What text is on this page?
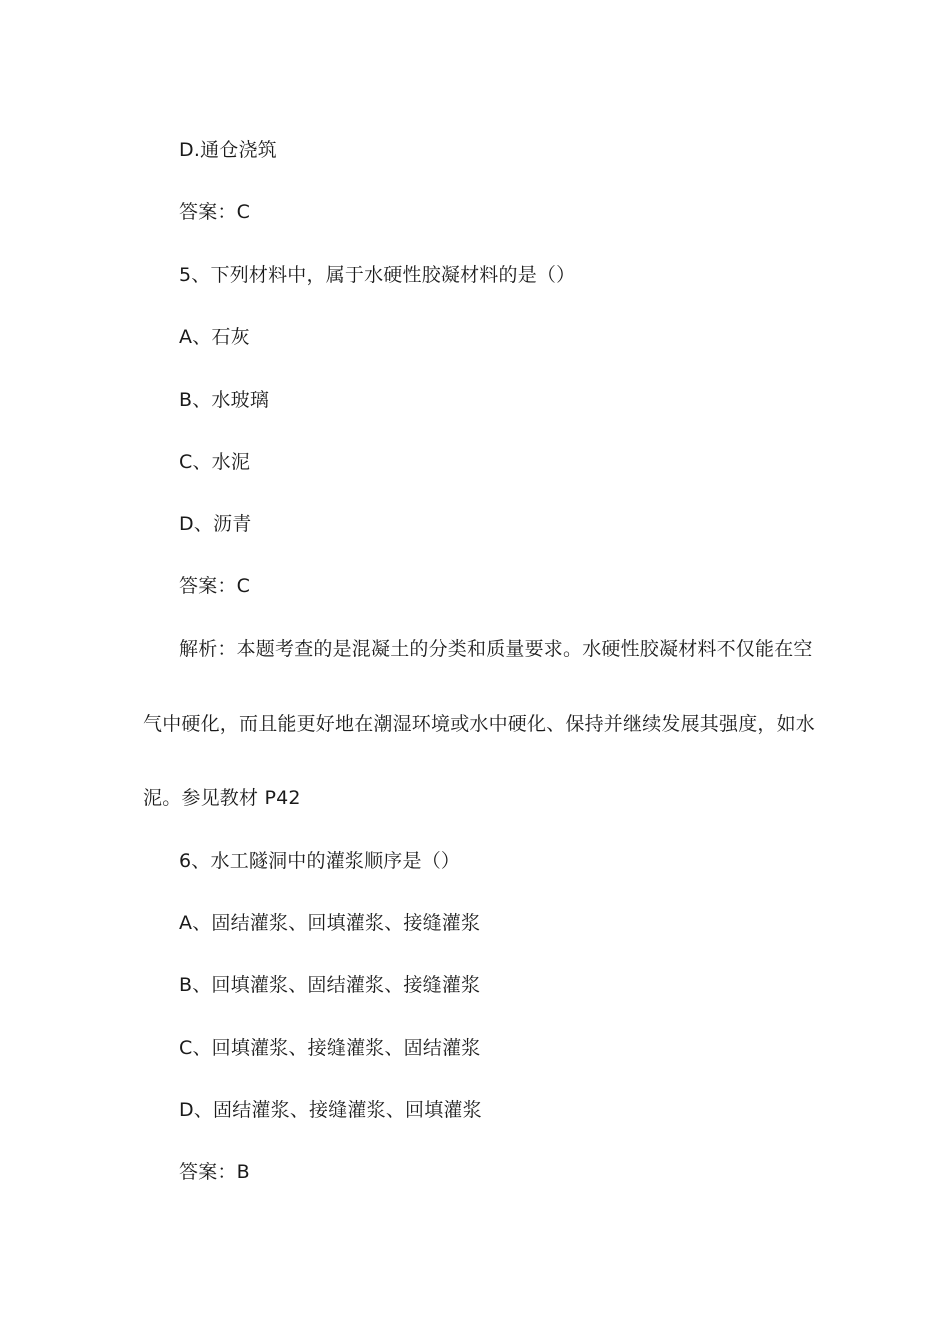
D.通仓浇筑
答案：C
5、下列材料中，属于水硬性胶凝材料的是（）
A、石灰
B、水玻璃
C、水泥
D、沥青
答案：C
解析：本题考查的是混凝土的分类和质量要求。水硬性胶凝材料不仅能在空
气中硬化，而且能更好地在潮湿环境或水中硬化、保持并继续发展其强度，如水
泥。参见教材 P42
6、水工隧洞中的灌浆顺序是（）
A、固结灌浆、回填灌浆、接缝灌浆
B、回填灌浆、固结灌浆、接缝灌浆
C、回填灌浆、接缝灌浆、固结灌浆
D、固结灌浆、接缝灌浆、回填灌浆
答案：B
